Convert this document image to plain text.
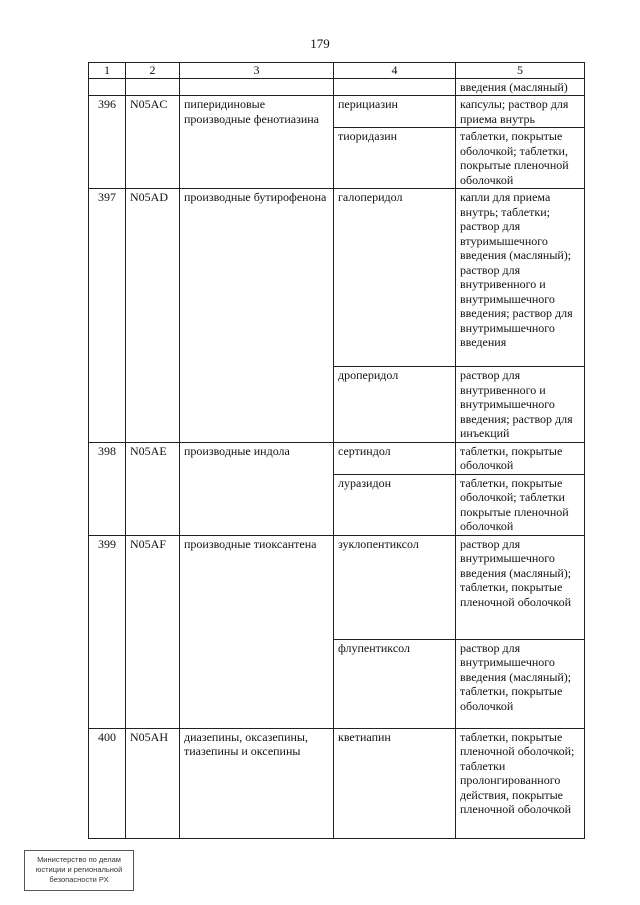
179
1	2	3	4	5
				введения (масляный)
396	N05AC	пиперидиновые производные фенотиазина	перициазин	капсулы; раствор для приема внутрь
			тиоридазин	таблетки, покрытые оболочкой; таблетки, покрытые пленочной оболочкой
397	N05AD	производные бутирофенона	галоперидол	капли для приема внутрь; таблетки; раствор для втуримышечного введения (масляный); раствор для внутривенного и внутримышечного введения; раствор для внутримышечного введения
			дроперидол	раствор для внутривенного и внутримышечного введения; раствор для инъекций
398	N05AE	производные индола	сертиндол	таблетки, покрытые оболочкой
			луразидон	таблетки, покрытые оболочкой; таблетки покрытые пленочной оболочкой
399	N05AF	производные тиоксантена	зуклопентиксол	раствор для внутримышечного введения (масляный); таблетки, покрытые пленочной оболочкой
			флупентиксол	раствор для внутримышечного введения (масляный); таблетки, покрытые оболочкой
400	N05AH	диазепины, оксазепины, тиазепины и оксепины	кветиапин	таблетки, покрытые пленочной оболочкой; таблетки пролонгированного действия, покрытые пленочной оболочкой
Министерство по делам
юстиции и региональной
безопасности РХ
